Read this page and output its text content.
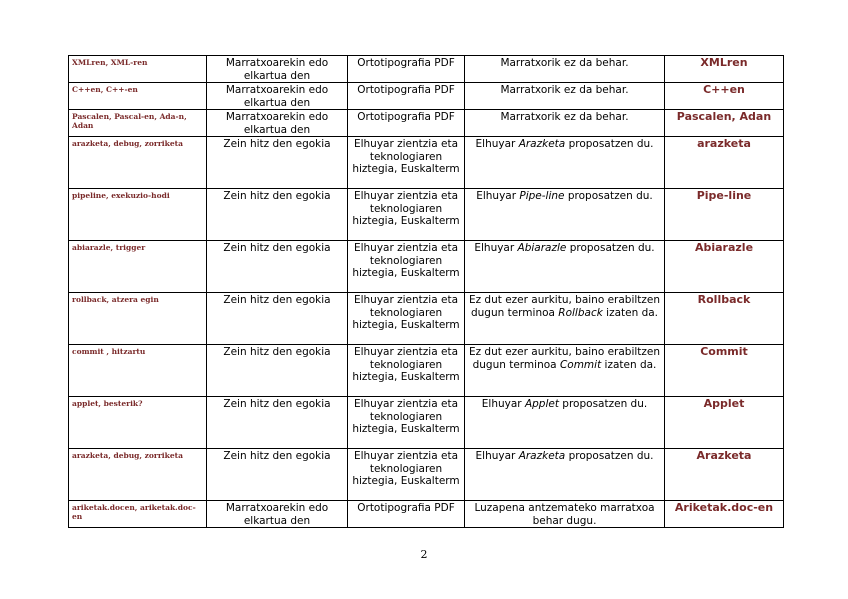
XMLren, XML-ren	Marratxoarekin edo elkartua den	Ortotipografia PDF	Marratxorik ez da behar.	XMLren
C++en, C++-en	Marratxoarekin edo elkartua den	Ortotipografia PDF	Marratxorik ez da behar.	C++en
Pascalen, Pascal-en, Ada-n, Adan	Marratxoarekin edo elkartua den	Ortotipografia PDF	Marratxorik ez da behar.	Pascalen, Adan
arazketa, debug, zorriketa	Zein hitz den egokia	Elhuyar zientzia eta teknologiaren hiztegia, Euskalterm	Elhuyar Arazketa proposatzen du.	arazketa
pipeline, exekuzio-hodi	Zein hitz den egokia	Elhuyar zientzia eta teknologiaren hiztegia, Euskalterm	Elhuyar Pipe-line proposatzen du.	Pipe-line
abiarazle, trigger	Zein hitz den egokia	Elhuyar zientzia eta teknologiaren hiztegia, Euskalterm	Elhuyar Abiarazle proposatzen du.	Abiarazle
rollback, atzera egin	Zein hitz den egokia	Elhuyar zientzia eta teknologiaren hiztegia, Euskalterm	Ez dut ezer aurkitu, baino erabiltzen dugun terminoa Rollback izaten da.	Rollback
commit , hitzartu	Zein hitz den egokia	Elhuyar zientzia eta teknologiaren hiztegia, Euskalterm	Ez dut ezer aurkitu, baino erabiltzen dugun terminoa Commit izaten da.	Commit
applet, besterik?	Zein hitz den egokia	Elhuyar zientzia eta teknologiaren hiztegia, Euskalterm	Elhuyar Applet proposatzen du.	Applet
arazketa, debug, zorriketa	Zein hitz den egokia	Elhuyar zientzia eta teknologiaren hiztegia, Euskalterm	Elhuyar Arazketa proposatzen du.	Arazketa
ariketak.docen, ariketak.doc-en	Marratxoarekin edo elkartua den	Ortotipografia PDF	Luzapena antzemateko marratxoa behar dugu.	Ariketak.doc-en
2
